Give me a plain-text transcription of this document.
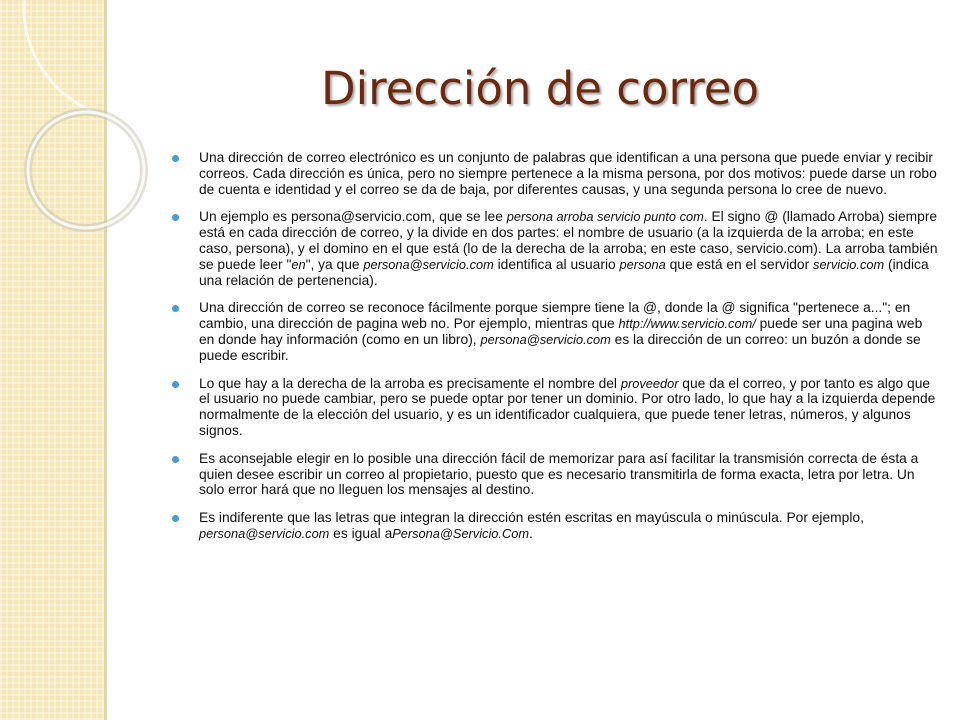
Dirección de correo
Una dirección de correo electrónico es un conjunto de palabras que identifican a una persona que puede enviar y recibir correos. Cada dirección es única, pero no siempre pertenece a la misma persona, por dos motivos: puede darse un robo de cuenta e identidad y el correo se da de baja, por diferentes causas, y una segunda persona lo cree de nuevo.
Un ejemplo es persona@servicio.com, que se lee persona arroba servicio punto com. El signo @ (llamado Arroba) siempre está en cada dirección de correo, y la divide en dos partes: el nombre de usuario (a la izquierda de la arroba; en este caso, persona), y el domino en el que está (lo de la derecha de la arroba; en este caso, servicio.com). La arroba también se puede leer "en", ya que persona@servicio.com identifica al usuario persona que está en el servidor servicio.com (indica una relación de pertenencia).
Una dirección de correo se reconoce fácilmente porque siempre tiene la @, donde la @ significa "pertenece a..."; en cambio, una dirección de pagina web no. Por ejemplo, mientras que http://www.servicio.com/ puede ser una pagina web en donde hay información (como en un libro), persona@servicio.com es la dirección de un correo: un buzón a donde se puede escribir.
Lo que hay a la derecha de la arroba es precisamente el nombre del proveedor que da el correo, y por tanto es algo que el usuario no puede cambiar, pero se puede optar por tener un dominio. Por otro lado, lo que hay a la izquierda depende normalmente de la elección del usuario, y es un identificador cualquiera, que puede tener letras, números, y algunos signos.
Es aconsejable elegir en lo posible una dirección fácil de memorizar para así facilitar la transmisión correcta de ésta a quien desee escribir un correo al propietario, puesto que es necesario transmitirla de forma exacta, letra por letra. Un solo error hará que no lleguen los mensajes al destino.
Es indiferente que las letras que integran la dirección estén escritas en mayúscula o minúscula. Por ejemplo, persona@servicio.com es igual aPersona@Servicio.Com.
